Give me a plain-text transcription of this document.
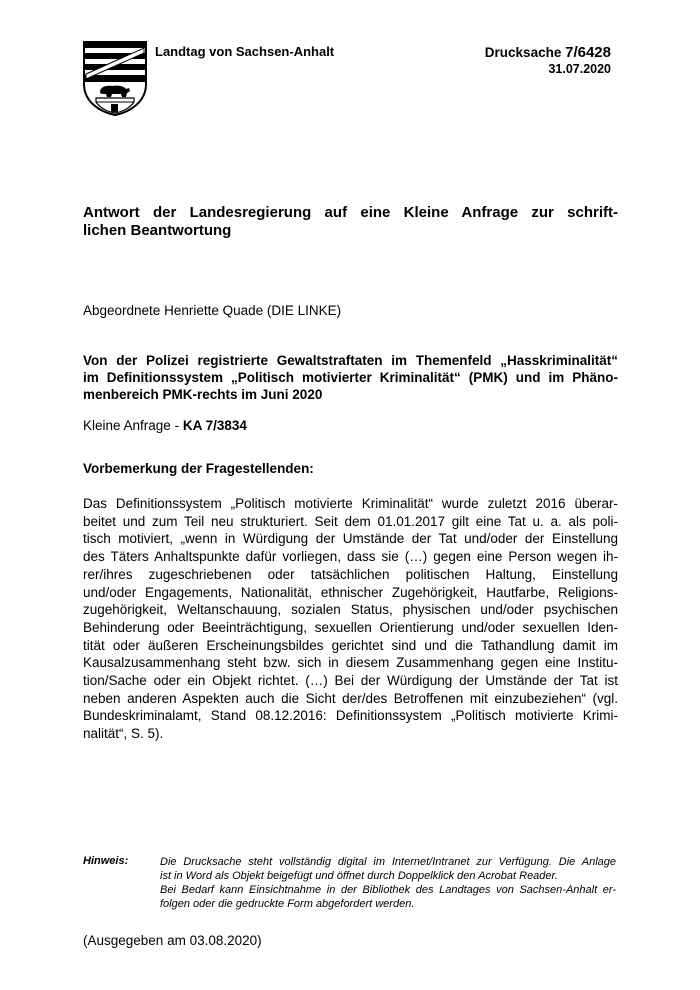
Landtag von Sachsen-Anhalt	Drucksache 7/6428
31.07.2020
Antwort der Landesregierung auf eine Kleine Anfrage zur schrift-
lichen Beantwortung
Abgeordnete Henriette Quade (DIE LINKE)
Von der Polizei registrierte Gewaltstraftaten im Themenfeld „Hasskriminalität“
im Definitionssystem „Politisch motivierter Kriminalität“ (PMK) und im Phäno-
menbereich PMK-rechts im Juni 2020
Kleine Anfrage - KA 7/3834
Vorbemerkung der Fragestellenden:
Das Definitionssystem „Politisch motivierte Kriminalität“ wurde zuletzt 2016 überar-
beitet und zum Teil neu strukturiert. Seit dem 01.01.2017 gilt eine Tat u. a. als poli-
tisch motiviert, „wenn in Würdigung der Umstände der Tat und/oder der Einstellung
des Täters Anhaltspunkte dafür vorliegen, dass sie (…) gegen eine Person wegen ih-
rer/ihres zugeschriebenen oder tatsächlichen politischen Haltung, Einstellung
und/oder Engagements, Nationalität, ethnischer Zugehörigkeit, Hautfarbe, Religions-
zugehörigkeit, Weltanschauung, sozialen Status, physischen und/oder psychischen
Behinderung oder Beeinträchtigung, sexuellen Orientierung und/oder sexuellen Iden-
tität oder äußeren Erscheinungsbildes gerichtet sind und die Tathandlung damit im
Kausalzusammenhang steht bzw. sich in diesem Zusammenhang gegen eine Institu-
tion/Sache oder ein Objekt richtet. (…) Bei der Würdigung der Umstände der Tat ist
neben anderen Aspekten auch die Sicht der/des Betroffenen mit einzubeziehen“ (vgl.
Bundeskriminalamt, Stand 08.12.2016: Definitionssystem „Politisch motivierte Krimi-
nalität“, S. 5).
Hinweis:	Die Drucksache steht vollständig digital im Internet/Intranet zur Verfügung. Die Anlage
ist in Word als Objekt beigefügt und öffnet durch Doppelklick den Acrobat Reader.
Bei Bedarf kann Einsichtnahme in der Bibliothek des Landtages von Sachsen-Anhalt er-
folgen oder die gedruckte Form abgefordert werden.
(Ausgegeben am 03.08.2020)
